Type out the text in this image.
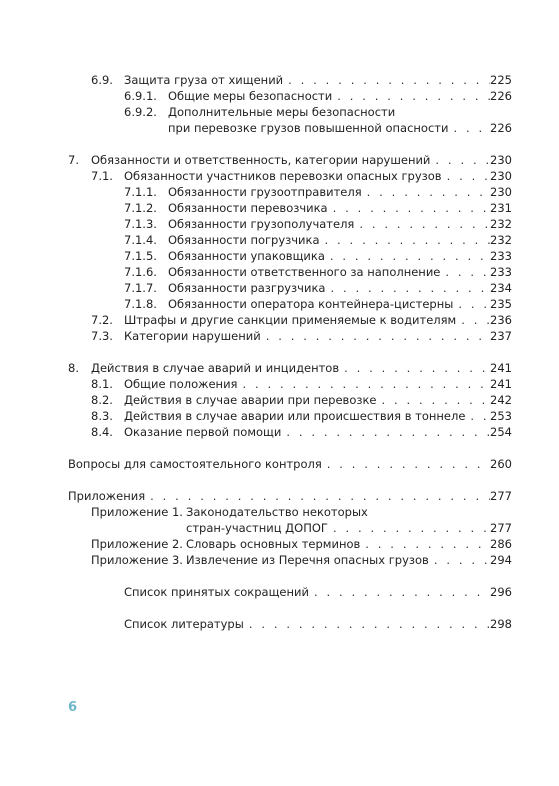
6.9. Защита груза от хищений . . .	225
6.9.1. Общие меры безопасности . . .	226
6.9.2. Дополнительные меры безопасности
при перевозке грузов повышенной опасности . . .	226
7.	Обязанности и ответственность, категории нарушений . . .	230
7.1. Обязанности участников перевозки опасных грузов . . .	230
7.1.1. Обязанности грузоотправителя . . .	230
7.1.2. Обязанности перевозчика . . .	231
7.1.3. Обязанности грузополучателя . . .	232
7.1.4. Обязанности погрузчика . . .	232
7.1.5. Обязанности упаковщика . . .	233
7.1.6. Обязанности ответственного за наполнение . . .	233
7.1.7. Обязанности разгрузчика . . .	234
7.1.8. Обязанности оператора контейнера-цистерны . . .	235
7.2. Штрафы и другие санкции применяемые к водителям . . .	236
7.3. Категории нарушений . . .	237
8.	Действия в случае аварий и инцидентов . . .	241
8.1. Общие положения . . .	241
8.2. Действия в случае аварии при перевозке . . .	242
8.3. Действия в случае аварии или происшествия в тоннеле . . . 253
8.4. Оказание первой помощи . . .	254
Вопросы для самостоятельного контроля . . .	260
Приложения . . .	277
Приложение 1. Законодательство некоторых
стран-участниц ДОПОГ . . .	277
Приложение 2. Словарь основных терминов . . .	286
Приложение 3. Извлечение из Перечня опасных грузов . . .	294
Список принятых сокращений . . .	296
Список литературы . . .	298
6
